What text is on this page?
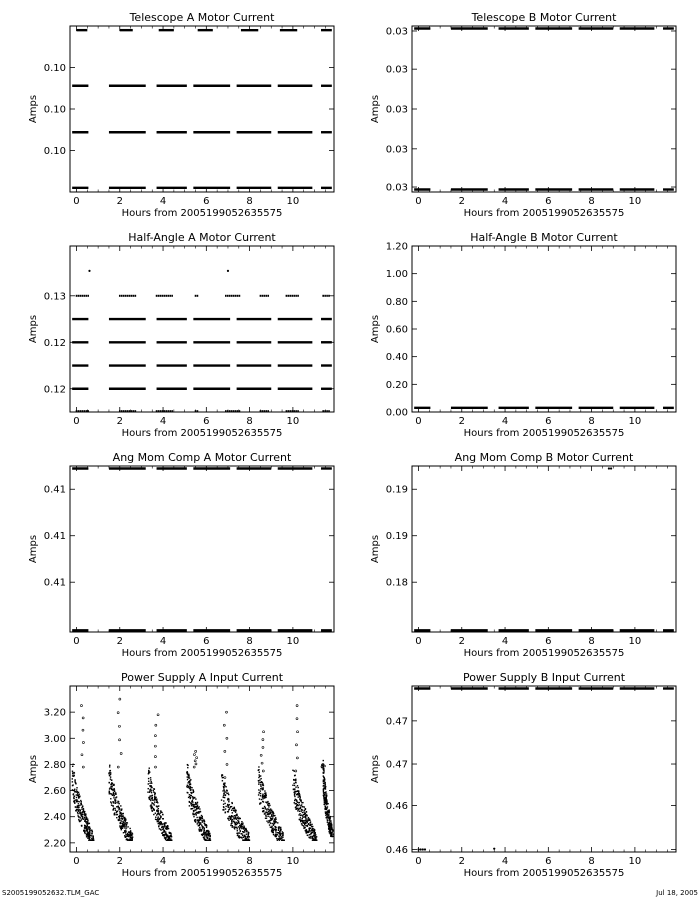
Telescope A Motor Current
0	2	4	6	8	10
0.10
0.10
0.10
Hours from 2005199052635575
Amps
Telescope B Motor Current
0	2	4	6	8	10
0.03
0.03
0.03
0.03
0.03
Hours from 2005199052635575
Amps
Half-Angle A Motor Current
0	2	4	6	8	10
0.12
0.12
0.13
Hours from 2005199052635575
Amps
Half-Angle B Motor Current
0	2	4	6	8	10
0.00
0.20
0.40
0.60
0.80
1.00
1.20
Hours from 2005199052635575
Amps
Ang Mom Comp A Motor Current
0	2	4	6	8	10
0.41
0.41
0.41
Hours from 2005199052635575
Amps
Ang Mom Comp B Motor Current
0	2	4	6	8	10
0.18
0.19
0.19
Hours from 2005199052635575
Amps
Power Supply A Input Current
0	2	4	6	8	10
2.20
2.40
2.60
2.80
3.00
3.20
Hours from 2005199052635575
Amps
Power Supply B Input Current
0	2	4	6	8	10
0.46
0.46
0.47
0.47
Hours from 2005199052635575
Amps
S2005199052632.TLM_GAC	Jul 18, 2005
